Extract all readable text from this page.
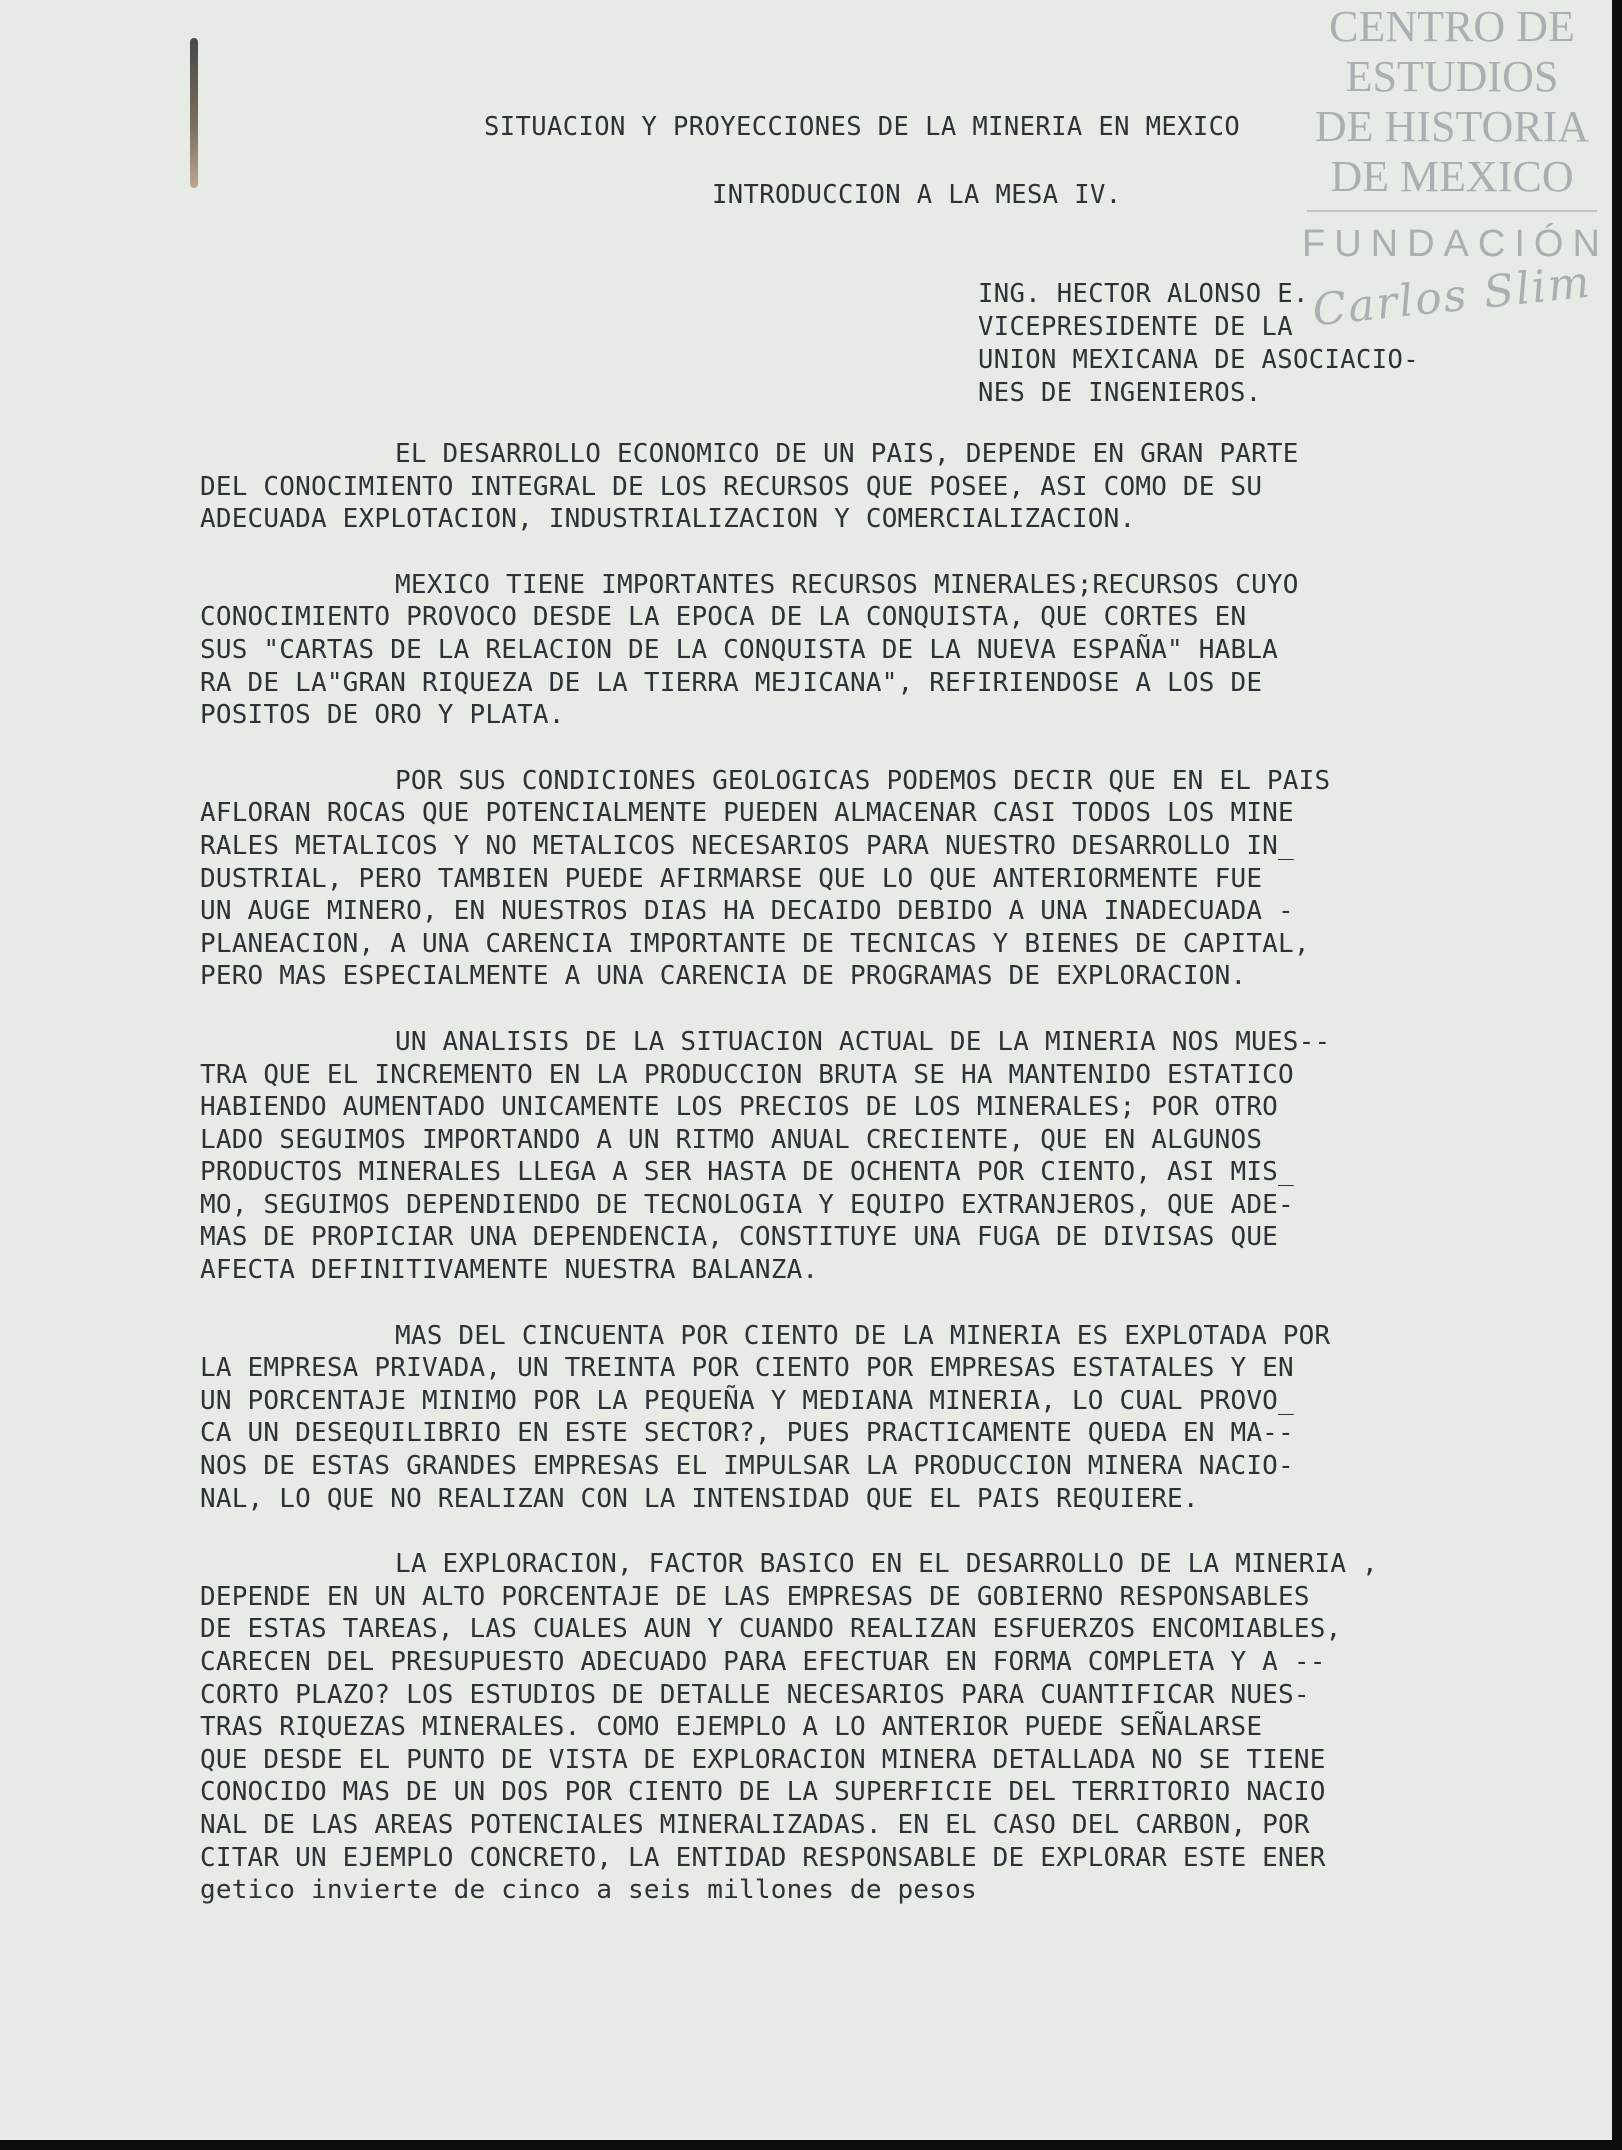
CENTRO DE
ESTUDIOS
DE HISTORIA
DE MEXICO
FUNDACIÓN
Carlos Slim

SITUACION Y PROYECCIONES DE LA MINERIA EN MEXICO

INTRODUCCION A LA MESA IV.

ING. HECTOR ALONSO E.
VICEPRESIDENTE DE LA
UNION MEXICANA DE ASOCIACIO-
NES DE INGENIEROS.

EL DESARROLLO ECONOMICO DE UN PAIS, DEPENDE EN GRAN PARTE
DEL CONOCIMIENTO INTEGRAL DE LOS RECURSOS QUE POSEE, ASI COMO DE SU
ADECUADA EXPLOTACION, INDUSTRIALIZACION Y COMERCIALIZACION.

MEXICO TIENE IMPORTANTES RECURSOS MINERALES;RECURSOS CUYO
CONOCIMIENTO PROVOCO DESDE LA EPOCA DE LA CONQUISTA, QUE CORTES EN
SUS "CARTAS DE LA RELACION DE LA CONQUISTA DE LA NUEVA ESPAÑA" HABLA
RA DE LA"GRAN RIQUEZA DE LA TIERRA MEJICANA", REFIRIENDOSE A LOS DE
POSITOS DE ORO Y PLATA.

POR SUS CONDICIONES GEOLOGICAS PODEMOS DECIR QUE EN EL PAIS
AFLORAN ROCAS QUE POTENCIALMENTE PUEDEN ALMACENAR CASI TODOS LOS MINE
RALES METALICOS Y NO METALICOS NECESARIOS PARA NUESTRO DESARROLLO IN_
DUSTRIAL, PERO TAMBIEN PUEDE AFIRMARSE QUE LO QUE ANTERIORMENTE FUE
UN AUGE MINERO, EN NUESTROS DIAS HA DECAIDO DEBIDO A UNA INADECUADA -
PLANEACION, A UNA CARENCIA IMPORTANTE DE TECNICAS Y BIENES DE CAPITAL,
PERO MAS ESPECIALMENTE A UNA CARENCIA DE PROGRAMAS DE EXPLORACION.

UN ANALISIS DE LA SITUACION ACTUAL DE LA MINERIA NOS MUES--
TRA QUE EL INCREMENTO EN LA PRODUCCION BRUTA SE HA MANTENIDO ESTATICO
HABIENDO AUMENTADO UNICAMENTE LOS PRECIOS DE LOS MINERALES; POR OTRO
LADO SEGUIMOS IMPORTANDO A UN RITMO ANUAL CRECIENTE, QUE EN ALGUNOS
PRODUCTOS MINERALES LLEGA A SER HASTA DE OCHENTA POR CIENTO, ASI MIS_
MO, SEGUIMOS DEPENDIENDO DE TECNOLOGIA Y EQUIPO EXTRANJEROS, QUE ADE-
MAS DE PROPICIAR UNA DEPENDENCIA, CONSTITUYE UNA FUGA DE DIVISAS QUE
AFECTA DEFINITIVAMENTE NUESTRA BALANZA.

MAS DEL CINCUENTA POR CIENTO DE LA MINERIA ES EXPLOTADA POR
LA EMPRESA PRIVADA, UN TREINTA POR CIENTO POR EMPRESAS ESTATALES Y EN
UN PORCENTAJE MINIMO POR LA PEQUEÑA Y MEDIANA MINERIA, LO CUAL PROVO_
CA UN DESEQUILIBRIO EN ESTE SECTOR?, PUES PRACTICAMENTE QUEDA EN MA--
NOS DE ESTAS GRANDES EMPRESAS EL IMPULSAR LA PRODUCCION MINERA NACIO-
NAL, LO QUE NO REALIZAN CON LA INTENSIDAD QUE EL PAIS REQUIERE.

LA EXPLORACION, FACTOR BASICO EN EL DESARROLLO DE LA MINERIA ,
DEPENDE EN UN ALTO PORCENTAJE DE LAS EMPRESAS DE GOBIERNO RESPONSABLES
DE ESTAS TAREAS, LAS CUALES AUN Y CUANDO REALIZAN ESFUERZOS ENCOMIABLES,
CARECEN DEL PRESUPUESTO ADECUADO PARA EFECTUAR EN FORMA COMPLETA Y A --
CORTO PLAZO? LOS ESTUDIOS DE DETALLE NECESARIOS PARA CUANTIFICAR NUES-
TRAS RIQUEZAS MINERALES. COMO EJEMPLO A LO ANTERIOR PUEDE SEÑALARSE
QUE DESDE EL PUNTO DE VISTA DE EXPLORACION MINERA DETALLADA NO SE TIENE
CONOCIDO MAS DE UN DOS POR CIENTO DE LA SUPERFICIE DEL TERRITORIO NACIO
NAL DE LAS AREAS POTENCIALES MINERALIZADAS. EN EL CASO DEL CARBON, POR
CITAR UN EJEMPLO CONCRETO, LA ENTIDAD RESPONSABLE DE EXPLORAR ESTE ENER
getico invierte de cinco a seis millones de pesos
